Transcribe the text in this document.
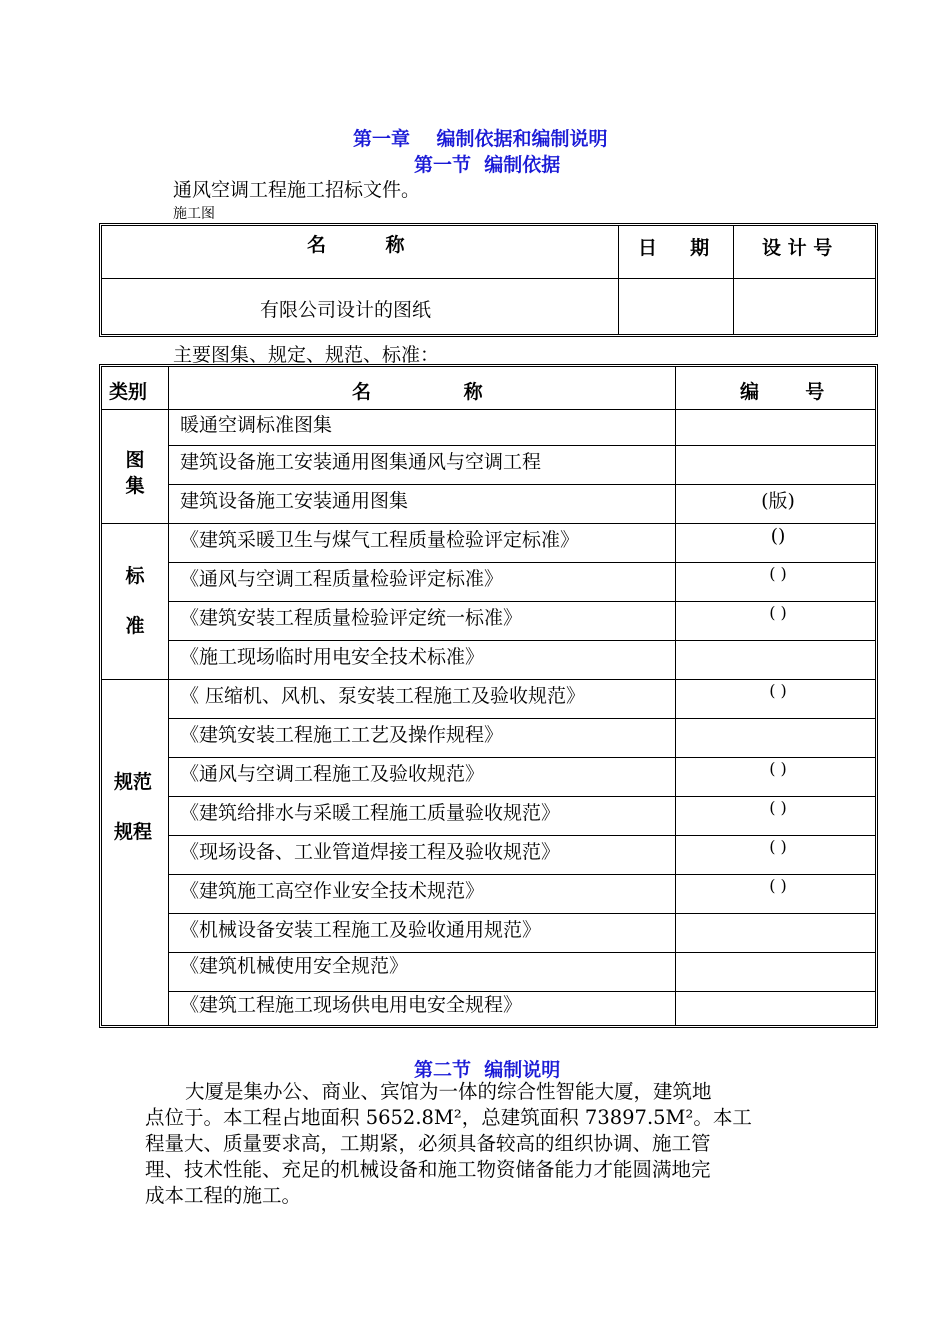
第一章    编制依据和编制说明
第一节  编制依据
通风空调工程施工招标文件。
施工图
名         称	日     期	设 计 号
有限公司设计的图纸
主要图集、规定、规范、标准：
类别	名              称	编       号
图
集
暖通空调标准图集
建筑设备施工安装通用图集通风与空调工程
建筑设备施工安装通用图集	(版)
标
准
《建筑采暖卫生与煤气工程质量检验评定标准》	()
《通风与空调工程质量检验评定标准》	( )
《建筑安装工程质量检验评定统一标准》	( )
《施工现场临时用电安全技术标准》
规范
规程
《 压缩机、风机、泵安装工程施工及验收规范》	( )
《建筑安装工程施工工艺及操作规程》
《通风与空调工程施工及验收规范》	( )
《建筑给排水与采暖工程施工质量验收规范》	( )
《现场设备、工业管道焊接工程及验收规范》	( )
《建筑施工高空作业安全技术规范》	( )
《机械设备安装工程施工及验收通用规范》
《建筑机械使用安全规范》
《建筑工程施工现场供电用电安全规程》
第二节  编制说明
大厦是集办公、商业、宾馆为一体的综合性智能大厦，建筑地
点位于。本工程占地面积 5652.8M²，总建筑面积 73897.5M²。本工
程量大、质量要求高，工期紧，必须具备较高的组织协调、施工管
理、技术性能、充足的机械设备和施工物资储备能力才能圆满地完
成本工程的施工。
